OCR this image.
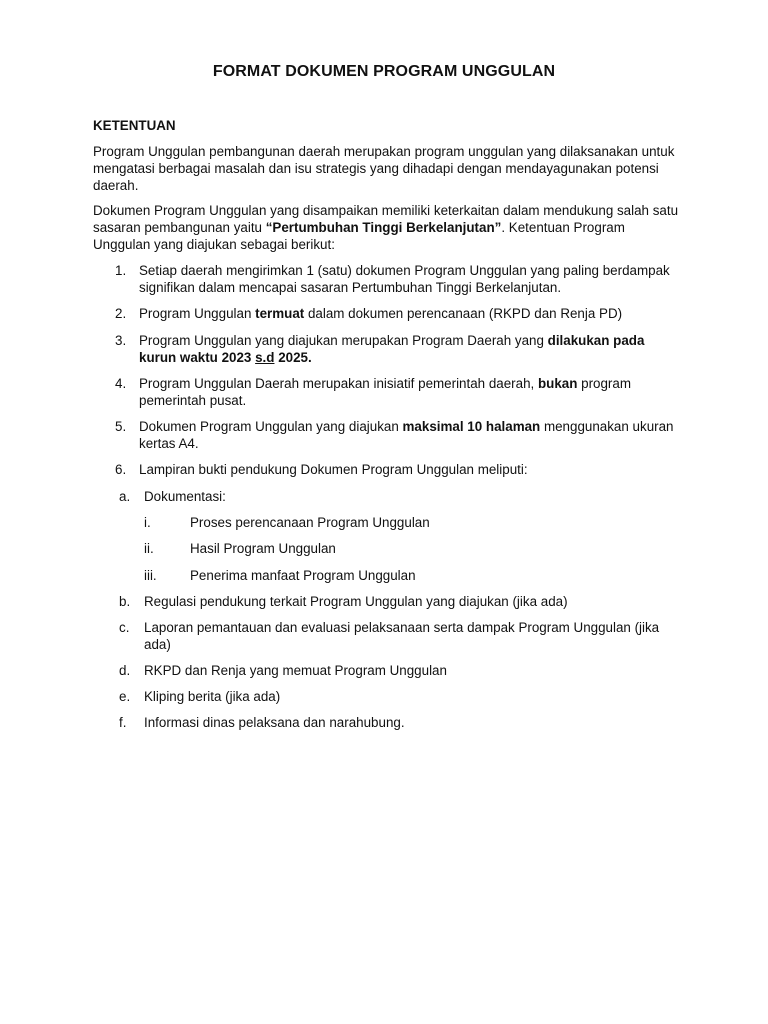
FORMAT DOKUMEN PROGRAM UNGGULAN
KETENTUAN
Program Unggulan pembangunan daerah merupakan program unggulan yang dilaksanakan untuk mengatasi berbagai masalah dan isu strategis yang dihadapi dengan mendayagunakan potensi daerah.
Dokumen Program Unggulan yang disampaikan memiliki keterkaitan dalam mendukung salah satu sasaran pembangunan yaitu “Pertumbuhan Tinggi Berkelanjutan”. Ketentuan Program Unggulan yang diajukan sebagai berikut:
1. Setiap daerah mengirimkan 1 (satu) dokumen Program Unggulan yang paling berdampak signifikan dalam mencapai sasaran Pertumbuhan Tinggi Berkelanjutan.
2. Program Unggulan termuat dalam dokumen perencanaan (RKPD dan Renja PD)
3. Program Unggulan yang diajukan merupakan Program Daerah yang dilakukan pada kurun waktu 2023 s.d 2025.
4. Program Unggulan Daerah merupakan inisiatif pemerintah daerah, bukan program pemerintah pusat.
5. Dokumen Program Unggulan yang diajukan maksimal 10 halaman menggunakan ukuran kertas A4.
6. Lampiran bukti pendukung Dokumen Program Unggulan meliputi:
a. Dokumentasi:
i.	Proses perencanaan Program Unggulan
ii.	Hasil Program Unggulan
iii. Penerima manfaat Program Unggulan
b. Regulasi pendukung terkait Program Unggulan yang diajukan (jika ada)
c. Laporan pemantauan dan evaluasi pelaksanaan serta dampak Program Unggulan (jika ada)
d. RKPD dan Renja yang memuat Program Unggulan
e. Kliping berita (jika ada)
f. Informasi dinas pelaksana dan narahubung.
